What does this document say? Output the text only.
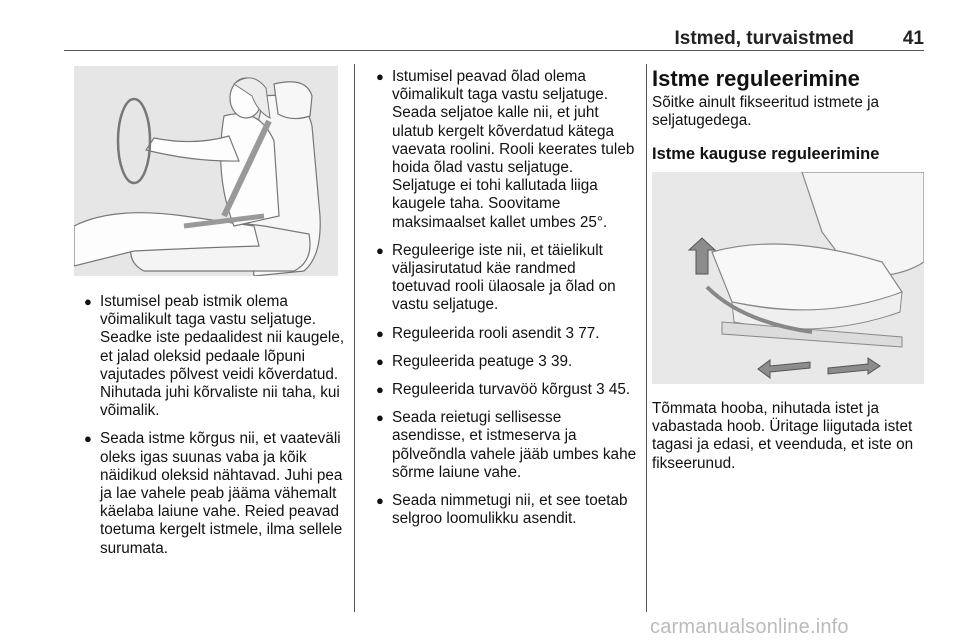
Istmed, turvaistmed	41
● Istumisel peab istmik olema võimalikult taga vastu seljatuge. Seadke iste pedaalidest nii kaugele, et jalad oleksid pedaale lõpuni vajutades põlvest veidi kõverdatud. Nihutada juhi kõrvaliste nii taha, kui võimalik.
● Seada istme kõrgus nii, et vaateväli oleks igas suunas vaba ja kõik näidikud oleksid nähtavad. Juhi pea ja lae vahele peab jääma vähemalt käelaba laiune vahe. Reied peavad toetuma kergelt istmele, ilma sellele surumata.
● Istumisel peavad õlad olema võimalikult taga vastu seljatuge. Seada seljatoe kalle nii, et juht ulatub kergelt kõverdatud kätega vaevata roolini. Rooli keerates tuleb hoida õlad vastu seljatuge. Seljatuge ei tohi kallutada liiga kaugele taha. Soovitame maksimaalset kallet umbes 25°.
● Reguleerige iste nii, et täielikult väljasirutatud käe randmed toetuvad rooli ülaosale ja õlad on vastu seljatuge.
● Reguleerida rooli asendit 3 77.
● Reguleerida peatuge 3 39.
● Reguleerida turvavöö kõrgust 3 45.
● Seada reietugi sellisesse asendisse, et istmeserva ja põlveõndla vahele jääb umbes kahe sõrme laiune vahe.
● Seada nimmetugi nii, et see toetab selgroo loomulikku asendit.
Istme reguleerimine
Sõitke ainult fikseeritud istmete ja seljatugedega.
Istme kauguse reguleerimine
Tõmmata hooba, nihutada istet ja vabastada hoob. Üritage liigutada istet tagasi ja edasi, et veenduda, et iste on fikseerunud.
carmanualsonline.info
